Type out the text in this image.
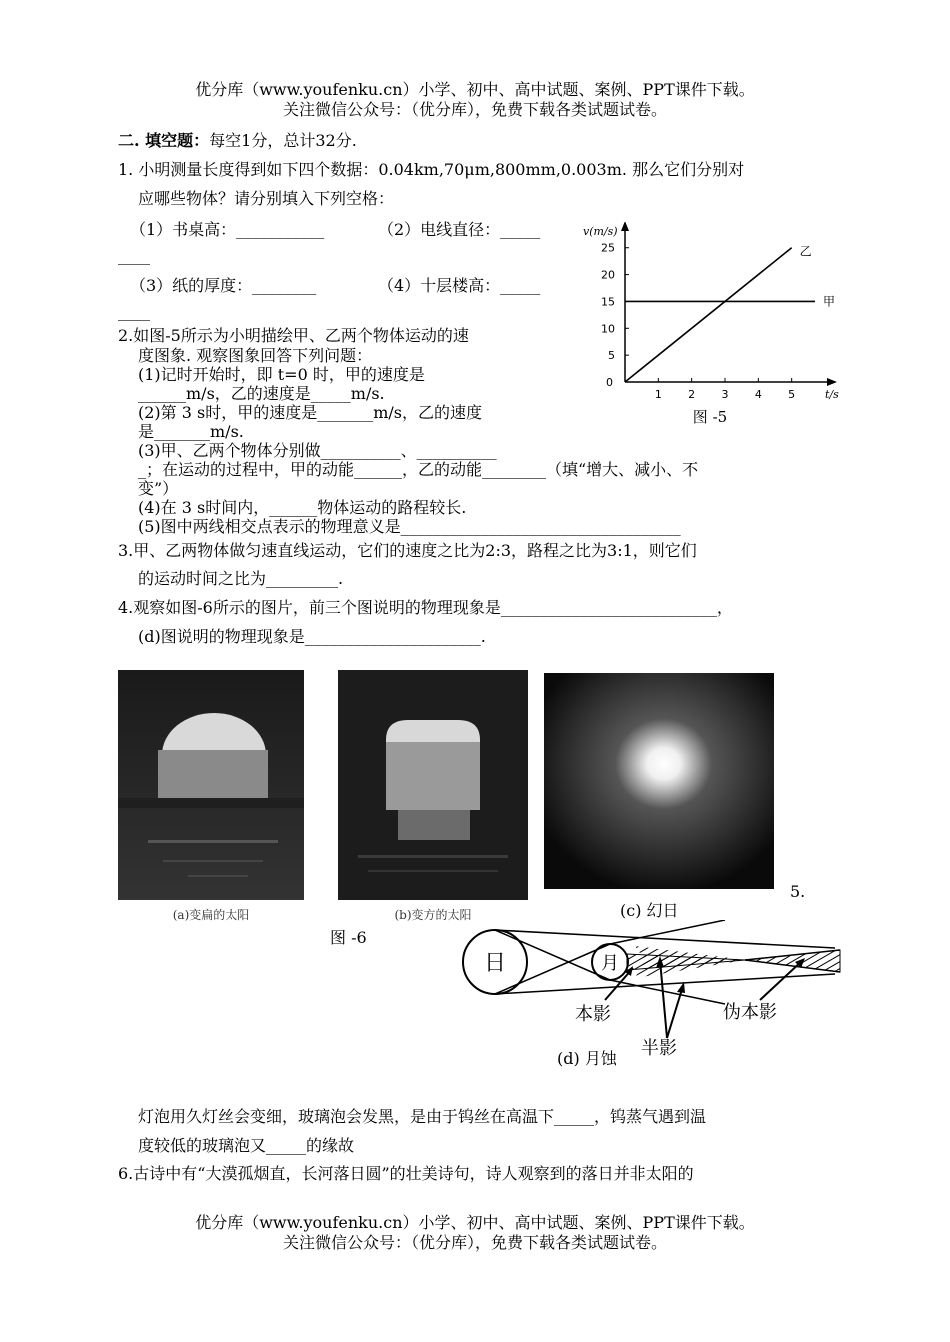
优分库（www.youfenku.cn）小学、初中、高中试题、案例、PPT课件下载。
关注微信公众号：（优分库），免费下载各类试题试卷。
二. 填空题：每空1分，总计32分.
1. 小明测量长度得到如下四个数据：0.04km,70μm,800mm,0.003m. 那么它们分别对
应哪些物体？请分别填入下列空格：
（1）书桌高：___________	（2）电线直径：_____
____
（3）纸的厚度：________	（4）十层楼高：_____
____
1 2 3 4 5
5
10
15
20
25
0
v(m/s)
t/s
甲
乙
图 -5
2.如图-5所示为小明描绘甲、乙两个物体运动的速
度图象. 观察图象回答下列问题：
(1)记时开始时，即 t=0 时，甲的速度是
______m/s，乙的速度是_____m/s.
(2)第 3 s时，甲的速度是_______m/s，乙的速度
是_______m/s.
(3)甲、乙两个物体分别做__________、__________
_；在运动的过程中，甲的动能______，乙的动能________（填“增大、减小、不
变”）
(4)在 3 s时间内，______物体运动的路程较长.
(5)图中两线相交点表示的物理意义是___________________________________
3.甲、乙两物体做匀速直线运动，它们的速度之比为2:3，路程之比为3:1，则它们
的运动时间之比为_________.
4.观察如图-6所示的图片，前三个图说明的物理现象是___________________________，
(d)图说明的物理现象是______________________.
(a)变扁的太阳	(b)变方的太阳
5.
(c) 幻日
图 -6
日	月
本影
半影
伪本影
(d) 月蚀
灯泡用久灯丝会变细，玻璃泡会发黑，是由于钨丝在高温下_____，钨蒸气遇到温
度较低的玻璃泡又_____的缘故
6.古诗中有“大漠孤烟直，长河落日圆”的壮美诗句，诗人观察到的落日并非太阳的
优分库（www.youfenku.cn）小学、初中、高中试题、案例、PPT课件下载。
关注微信公众号：（优分库），免费下载各类试题试卷。
